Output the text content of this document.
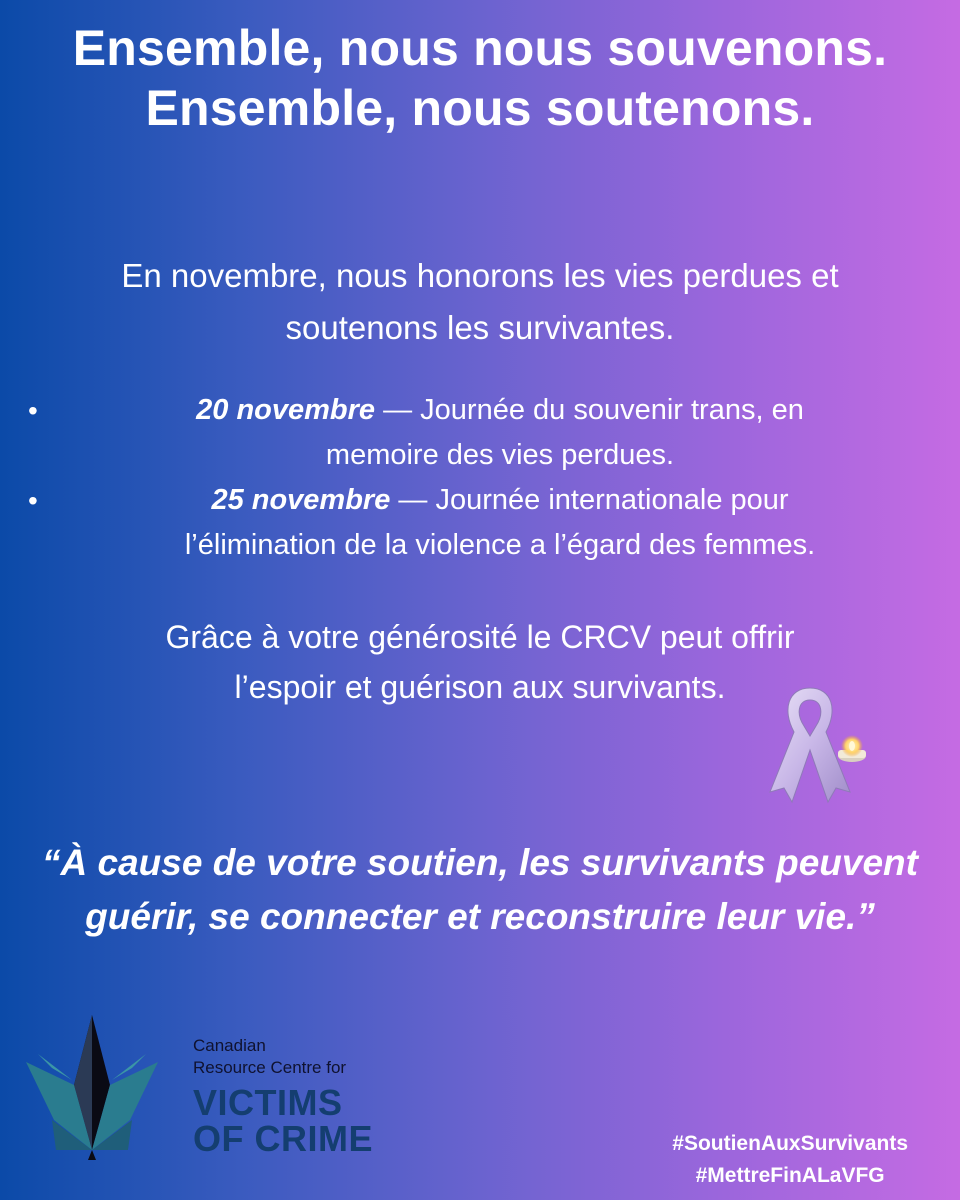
Ensemble, nous nous souvenons.
Ensemble, nous soutenons.
En novembre, nous honorons les vies perdues et
soutenons les survivantes.
•	20 novembre — Journée du souvenir trans, en
memoire des vies perdues.
•	25 novembre — Journée internationale pour
l’élimination de la violence a l’égard des femmes.
Grâce à votre générosité le CRCV peut offrir
l’espoir et guérison aux survivants.
“À cause de votre soutien, les survivants peuvent
guérir, se connecter et reconstruire leur vie.”
Canadian
Resource Centre for
VICTIMS
OF CRIME	#SoutienAuxSurvivants
#MettreFinALaVFG
